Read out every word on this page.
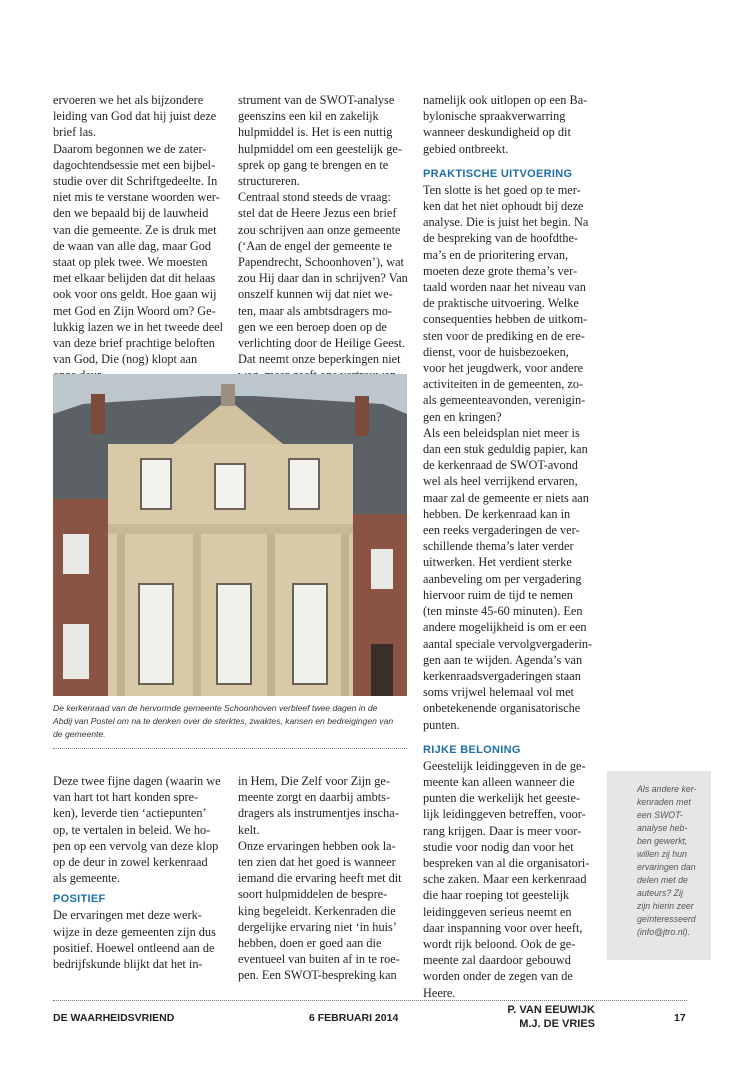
ervoeren we het als bijzondere
leiding van God dat hij juist deze
brief las.
Daarom begonnen we de zater-
dagochtendsessie met een bijbel-
studie over dit Schriftgedeelte. In
niet mis te verstane woorden wer-
den we bepaald bij de lauwheid
van die gemeente. Ze is druk met
de waan van alle dag, maar God
staat op plek twee. We moesten
met elkaar belijden dat dit helaas
ook voor ons geldt. Hoe gaan wij
met God en Zijn Woord om? Ge-
lukkig lazen we in het tweede deel
van deze brief prachtige beloften
van God, Die (nog) klopt aan

strument van de SWOT-analyse
geenszins een kil en zakelijk
hulpmiddel is. Het is een nuttig
hulpmiddel om een geestelijk ge-
sprek op gang te brengen en te
structureren.
Centraal stond steeds de vraag:
stel dat de Heere Jezus een brief
zou schrijven aan onze gemeente
(‘Aan de engel der gemeente te
Papendrecht, Schoonhoven’), wat
zou Hij daar dan in schrijven? Van
onszelf kunnen wij dat niet we-
ten, maar als ambtsdragers mo-
gen we een beroep doen op de
verlichting door de Heilige Geest.
Dat neemt onze beperkingen niet

De kerkenraad van de hervormde gemeente Schoonhoven verbleef twee dagen in de
Abdij van Postel om na te denken over de sterktes, zwaktes, kansen en bedreigingen van
de gemeente.

Deze twee fijne dagen (waarin we
van hart tot hart konden spre-
ken), leverde tien ‘actiepunten’
op, te vertalen in beleid. We ho-
pen op een vervolg van deze klop
op de deur in zowel kerkenraad
als gemeente.

POSITIEF

De ervaringen met deze werk-
wijze in deze gemeenten zijn dus
positief. Hoewel ontleend aan de
bedrijfskunde blijkt dat het in-

in Hem, Die Zelf voor Zijn ge-
meente zorgt en daarbij ambts-
dragers als instrumentjes inscha-
kelt.
Onze ervaringen hebben ook la-
ten zien dat het goed is wanneer
iemand die ervaring heeft met dit
soort hulpmiddelen de bespre-
king begeleidt. Kerkenraden die
dergelijke ervaring niet ‘in huis’
hebben, doen er goed aan die
eventueel van buiten af in te roe-
pen. Een SWOT-bespreking kan

namelijk ook uitlopen op een Ba-
bylonische spraakverwarring
wanneer deskundigheid op dit
gebied ontbreekt.

PRAKTISCHE UITVOERING

Ten slotte is het goed op te mer-
ken dat het niet ophoudt bij deze
analyse. Die is juist het begin. Na
de bespreking van de hoofdthe-
ma’s en de prioritering ervan,
moeten deze grote thema’s ver-
taald worden naar het niveau van
de praktische uitvoering. Welke
consequenties hebben de uitkom-
sten voor de prediking en de ere-
dienst, voor de huisbezoeken,
voor het jeugdwerk, voor andere
activiteiten in de gemeenten, zo-
als gemeenteavonden, verenigin-
gen en kringen?
Als een beleidsplan niet meer is
dan een stuk geduldig papier, kan
de kerkenraad de SWOT-avond
wel als heel verrijkend ervaren,
maar zal de gemeente er niets aan
hebben. De kerkenraad kan in
een reeks vergaderingen de ver-
schillende thema’s later verder
uitwerken. Het verdient sterke
aanbeveling om per vergadering
hiervoor ruim de tijd te nemen
(ten minste 45-60 minuten). Een
andere mogelijkheid is om er een
aantal speciale vervolgvergaderin-
gen aan te wijden. Agenda’s van
kerkenraadsvergaderingen staan
soms vrijwel helemaal vol met
onbetekenende organisatorische
punten.

RIJKE BELONING

Geestelijk leidinggeven in de ge-
meente kan alleen wanneer die
punten die werkelijk het geeste-
lijk leidinggeven betreffen, voor-
rang krijgen. Daar is meer voor-
studie voor nodig dan voor het
bespreken van al die organisatori-
sche zaken. Maar een kerkenraad
die haar roeping tot geestelijk
leidinggeven serieus neemt en
daar inspanning voor over heeft,
wordt rijk beloond. Ook de ge-
meente zal daardoor gebouwd
worden onder de zegen van de
Heere.

P. VAN EEUWIJK
M.J. DE VRIES

Als andere ker-
kenraden met
een SWOT-
analyse heb-
ben gewerkt,
willen zij hun
ervaringen dan
delen met de
auteurs? Zij
zijn hierin zeer
geïnteresseerd
(info@jtro.nl).

DE WAARHEIDSVRIEND	6 FEBRUARI 2014	17
